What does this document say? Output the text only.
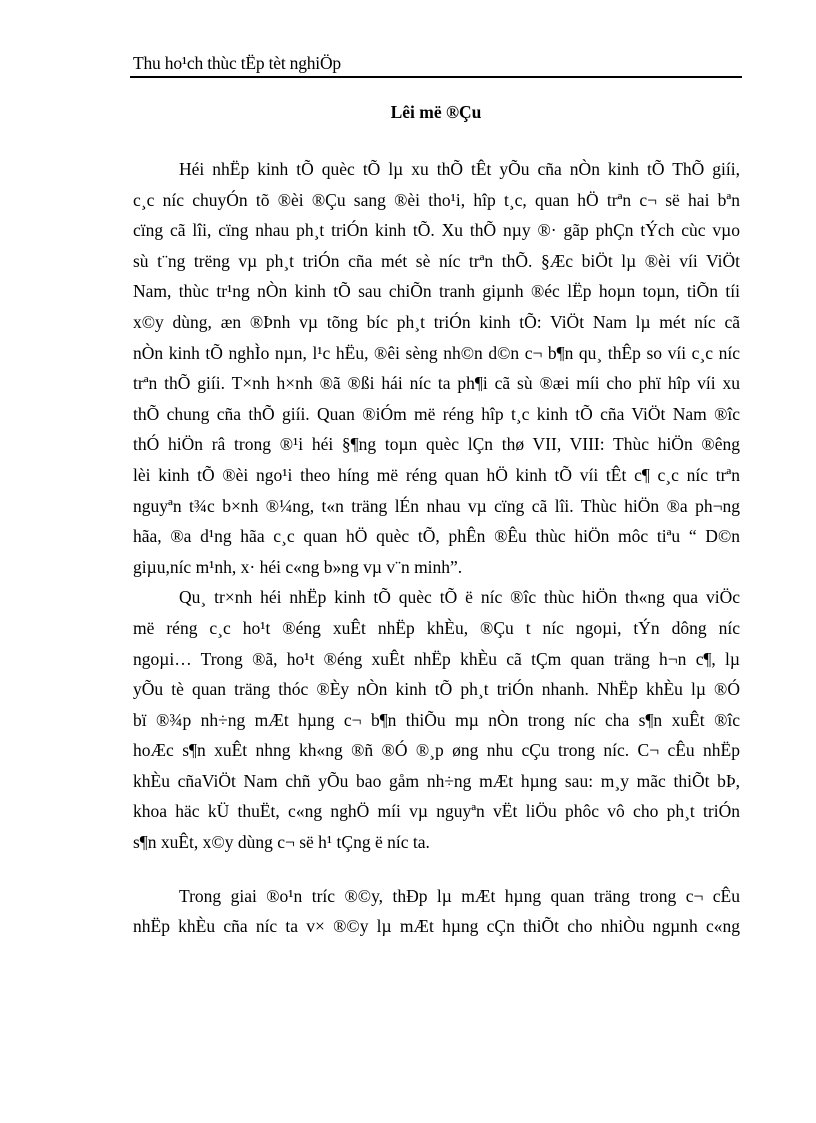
Thu ho¹ch thùc tËp tèt nghiÖp
Lêi më ®Çu
Héi nhËp kinh tÕ quèc tÕ lµ xu thÕ tÊt yÕu cña nÒn kinh tÕ ThÕ giíi,
c¸c níc chuyÓn tõ ®èi ®Çu sang ®èi tho¹i, hîp t¸c, quan hÖ trªn c¬ së hai bªn
cïng cã lîi, cïng nhau ph¸t triÓn kinh tÕ. Xu thÕ nµy ®· gãp phÇn tÝch cùc vµo
sù t¨ng trëng vµ ph¸t triÓn cña mét sè níc trªn thÕ. §Æc biÖt lµ ®èi víi ViÖt
Nam, thùc tr¹ng nÒn kinh tÕ sau chiÕn tranh giµnh ®éc lËp hoµn toµn, tiÕn tíi
x©y dùng, æn ®Þnh vµ tõng bíc ph¸t triÓn kinh tÕ: ViÖt Nam lµ mét níc cã
nÒn kinh tÕ nghÌo nµn, l¹c hËu, ®êi sèng nh©n d©n c¬ b¶n qu¸ thÊp so víi c¸c níc
trªn thÕ giíi. T×nh h×nh ®ã ®ßi hái níc ta ph¶i cã sù ®æi míi cho phï hîp víi xu
thÕ chung cña thÕ giíi. Quan ®iÓm më réng hîp t¸c kinh tÕ cña ViÖt Nam ®îc
thÓ hiÖn râ trong ®¹i héi §¶ng toµn quèc lÇn thø VII, VIII: Thùc hiÖn ®êng
lèi kinh tÕ ®èi ngo¹i theo híng më réng quan hÖ kinh tÕ víi tÊt c¶ c¸c níc trªn
nguyªn t¾c b×nh ®¼ng, t«n träng lÉn nhau vµ cïng cã lîi. Thùc hiÖn ®a ph¬ng
hãa, ®a d¹ng hãa c¸c quan hÖ quèc tÕ, phÊn ®Êu thùc hiÖn môc tiªu “ D©n
giµu,níc m¹nh, x· héi c«ng b»ng vµ v¨n minh”.
Qu¸ tr×nh héi nhËp kinh tÕ quèc tÕ ë níc ®îc thùc hiÖn th«ng qua viÖc
më réng c¸c ho¹t ®éng xuÊt nhËp khÈu, ®Çu t níc ngoµi, tÝn dông níc
ngoµi… Trong ®ã, ho¹t ®éng xuÊt nhËp khÈu cã tÇm quan träng h¬n c¶, lµ
yÕu tè quan träng thóc ®Èy nÒn kinh tÕ ph¸t triÓn nhanh. NhËp khÈu lµ ®Ó
bï ®¾p nh÷ng mÆt hµng c¬ b¶n thiÕu mµ nÒn trong níc cha s¶n xuÊt ®îc
hoÆc s¶n xuÊt nhng kh«ng ®ñ ®Ó ®¸p øng nhu cÇu trong níc. C¬ cÊu nhËp
khÈu cñaViÖt Nam chñ yÕu bao gåm nh÷ng mÆt hµng sau: m¸y mãc thiÕt bÞ,
khoa häc kÜ thuËt, c«ng nghÖ míi vµ nguyªn vËt liÖu phôc vô cho ph¸t triÓn
s¶n xuÊt, x©y dùng c¬ së h¹ tÇng ë níc ta.
Trong giai ®o¹n tríc ®©y, thÐp lµ mÆt hµng quan träng trong c¬ cÊu
nhËp khÈu cña níc ta v× ®©y lµ mÆt hµng cÇn thiÕt cho nhiÒu ngµnh c«ng
